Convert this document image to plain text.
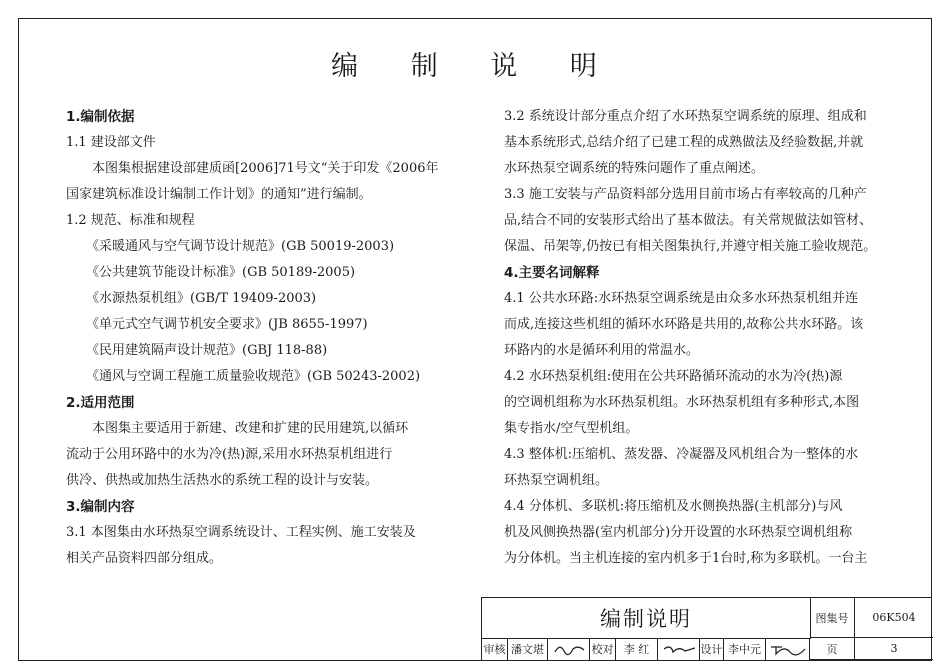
编 制 说 明
1.编制依据
1.1 建设部文件
本图集根据建设部建质函[2006]71号文“关于印发《2006年
国家建筑标准设计编制工作计划》的通知”进行编制。
1.2 规范、标准和规程
《采暖通风与空气调节设计规范》(GB 50019-2003)
《公共建筑节能设计标准》(GB 50189-2005)
《水源热泵机组》(GB/T 19409-2003)
《单元式空气调节机安全要求》(JB 8655-1997)
《民用建筑隔声设计规范》(GBJ 118-88)
《通风与空调工程施工质量验收规范》(GB 50243-2002)
2.适用范围
本图集主要适用于新建、改建和扩建的民用建筑,以循环
流动于公用环路中的水为冷(热)源,采用水环热泵机组进行
供冷、供热或加热生活热水的系统工程的设计与安装。
3.编制内容
3.1 本图集由水环热泵空调系统设计、工程实例、施工安装及
相关产品资料四部分组成。
3.2 系统设计部分重点介绍了水环热泵空调系统的原理、组成和
基本系统形式,总结介绍了已建工程的成熟做法及经验数据,并就
水环热泵空调系统的特殊问题作了重点阐述。
3.3 施工安装与产品资料部分选用目前市场占有率较高的几种产
品,结合不同的安装形式给出了基本做法。有关常规做法如管材、
保温、吊架等,仍按已有相关图集执行,并遵守相关施工验收规范。
4.主要名词解释
4.1 公共水环路:水环热泵空调系统是由众多水环热泵机组并连
而成,连接这些机组的循环水环路是共用的,故称公共水环路。该
环路内的水是循环利用的常温水。
4.2 水环热泵机组:使用在公共环路循环流动的水为冷(热)源
的空调机组称为水环热泵机组。水环热泵机组有多种形式,本图
集专指水/空气型机组。
4.3 整体机:压缩机、蒸发器、冷凝器及风机组合为一整体的水
环热泵空调机组。
4.4 分体机、多联机:将压缩机及水侧换热器(主机部分)与风
机及风侧换热器(室内机部分)分开设置的水环热泵空调机组称
为分体机。当主机连接的室内机多于1台时,称为多联机。一台主
编制说明	图集号	06K504
审核 潘文堪	校对 李 红	设计 李中元	页	3
